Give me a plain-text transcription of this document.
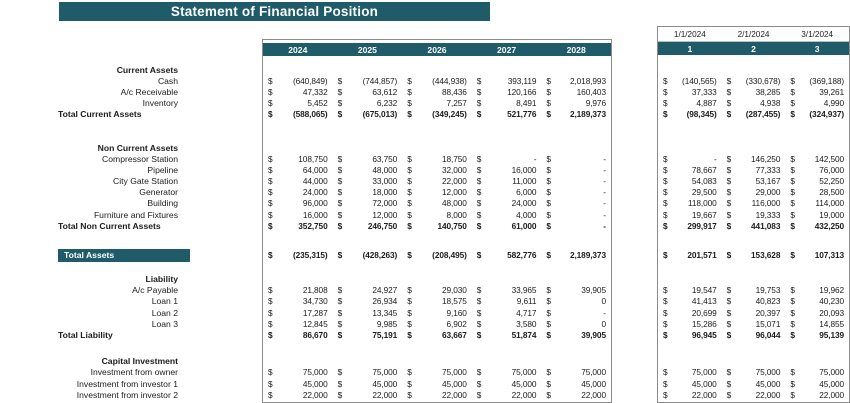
Statement of Financial Position
2024	2025	2026	2027	2028
1/1/2024	2/1/2024	3/1/2024
1	2	3
Current Assets
Cash	$ (640,849) $ (744,857) $ (444,938) $	393,119 $ 2,018,993	$ (140,565) $ (330,678) $ (369,188)
A/c Receivable	$	47,332 $	63,612 $	88,436 $	120,166 $	160,403	$	37,333 $	38,285 $	39,261
Inventory	$	5,452 $	6,232 $	7,257 $	8,491 $	9,976	$	4,887 $	4,938 $	4,990
Total Current Assets	$ (588,065) $ (675,013) $ (349,245) $	521,776 $ 2,189,373	$ (98,345) $ (287,455) $ (324,937)
Non Current Assets
Compressor Station	$	108,750 $	63,750 $	18,750 $	- $	-	$	- $ 146,250 $ 142,500
Pipeline	$	64,000 $	48,000 $	32,000 $	16,000 $	-	$	78,667 $	77,333 $	76,000
City Gate Station	$	44,000 $	33,000 $	22,000 $	11,000 $	-	$	54,083 $	53,167 $	52,250
Generator	$	24,000 $	18,000 $	12,000 $	6,000 $	-	$	29,500 $	29,000 $	28,500
Building	$	96,000 $	72,000 $	48,000 $	24,000 $	-	$ 118,000 $ 116,000 $ 114,000
Furniture and Fixtures	$	16,000 $	12,000 $	8,000 $	4,000 $	-	$	19,667 $	19,333 $	19,000
Total Non Current Assets	$	352,750 $	246,750 $	140,750 $	61,000 $	-	$ 299,917 $ 441,083 $ 432,250
Total Assets	$ (235,315) $ (428,263) $ (208,495) $	582,776 $ 2,189,373	$ 201,571 $ 153,628 $ 107,313
Liability
A/c Payable	$	21,808 $	24,927 $	29,030 $	33,965 $	39,905	$	19,547 $	19,753 $	19,962
Loan 1	$	34,730 $	26,934 $	18,575 $	9,611 $	0	$	41,413 $	40,823 $	40,230
Loan 2	$	17,287 $	13,345 $	9,160 $	4,717 $	-	$	20,699 $	20,397 $	20,093
Loan 3	$	12,845 $	9,985 $	6,902 $	3,580 $	0	$	15,286 $	15,071 $	14,855
Total Liability	$	86,670 $	75,191 $	63,667 $	51,874 $	39,905	$	96,945 $	96,044 $	95,139
Capital Investment
Investment from owner	$	75,000 $	75,000 $	75,000 $	75,000 $	75,000	$	75,000 $	75,000 $	75,000
Investment from investor 1	$	45,000 $	45,000 $	45,000 $	45,000 $	45,000	$	45,000 $	45,000 $	45,000
Investment from investor 2	$	22,000 $	22,000 $	22,000 $	22,000 $	22,000	$	22,000 $	22,000 $	22,000
